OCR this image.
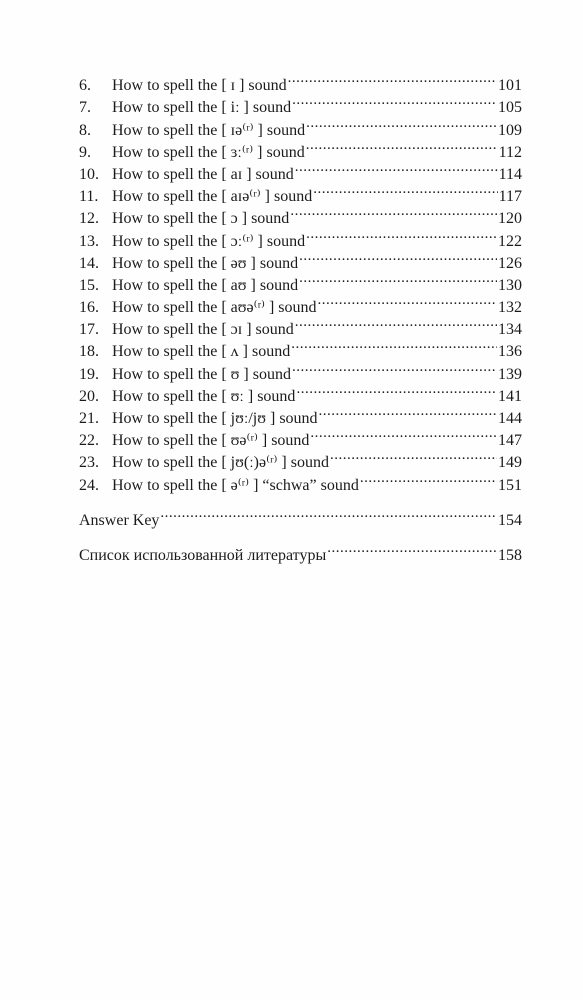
6.	How to spell the [ ɪ ] sound .....	101
7.	How to spell the [ iː ] sound .....	105
8.	How to spell the [ ɪə⁽ʳ⁾ ] sound .....	109
9.	How to spell the [ ɜː⁽ʳ⁾ ] sound .....	112
10. How to spell the [ aɪ ] sound .....	114
11. How to spell the [ aɪə⁽ʳ⁾ ] sound .....	117
12. How to spell the [ ɔ ] sound .....	120
13. How to spell the [ ɔː⁽ʳ⁾ ] sound .....	122
14. How to spell the [ əʊ ] sound .....	126
15. How to spell the [ aʊ ] sound .....	130
16. How to spell the [ aʊə⁽ʳ⁾ ] sound .....	132
17. How to spell the [ ɔɪ ] sound .....	134
18. How to spell the [ ʌ ] sound .....	136
19. How to spell the [ ʊ ] sound .....	139
20. How to spell the [ ʊː ] sound .....	141
21. How to spell the [ jʊː/jʊ ] sound .....	144
22. How to spell the [ ʊə⁽ʳ⁾ ] sound .....	147
23. How to spell the [ jʊ(ː)ə⁽ʳ⁾ ] sound .....	149
24. How to spell the [ ə⁽ʳ⁾ ] “schwa” sound .....	151
Answer Key .....	154
Список использованной литературы .....	158
